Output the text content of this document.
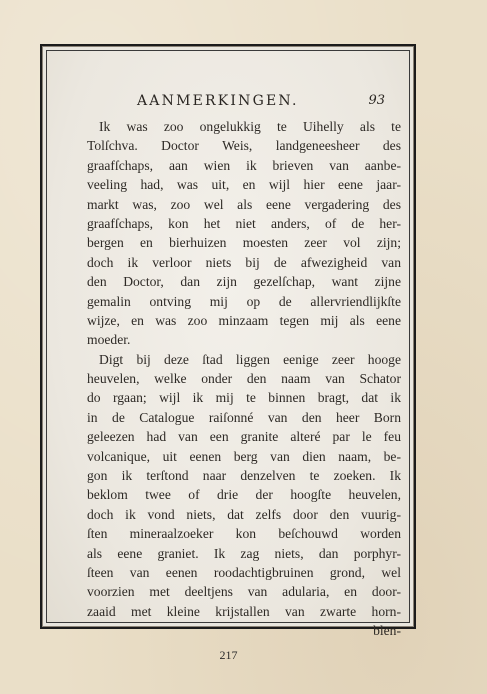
AANMERKINGEN.	93
Ik was zoo ongelukkig te Uihelly als te
Tolſchva. Doctor Weis, landgeneesheer des
graafſchaps, aan wien ik brieven van aanbe-
veeling had, was uit, en wijl hier eene jaar-
markt was, zoo wel als eene vergadering des
graafſchaps, kon het niet anders, of de her-
bergen en bierhuizen moesten zeer vol zijn;
doch ik verloor niets bij de afwezigheid van
den Doctor, dan zijn gezelſchap, want zijne
gemalin ontving mij op de allervriendlijkſte
wijze, en was zoo minzaam tegen mij als eene
moeder.
Digt bij deze ſtad liggen eenige zeer hooge
heuvelen, welke onder den naam van Schator
do rgaan; wijl ik mij te binnen bragt, dat ik
in de Catalogue raiſonné van den heer Born
geleezen had van een granite alteré par le feu
volcanique, uit eenen berg van dien naam, be-
gon ik terſtond naar denzelven te zoeken. Ik
beklom twee of drie der hoogſte heuvelen,
doch ik vond niets, dat zelfs door den vuurig-
ſten mineraalzoeker kon beſchouwd worden
als eene graniet. Ik zag niets, dan porphyr-
ſteen van eenen roodachtigbruinen grond, wel
voorzien met deeltjens van adularia, en door-
zaaid met kleine krijstallen van zwarte horn-
blen-
217
